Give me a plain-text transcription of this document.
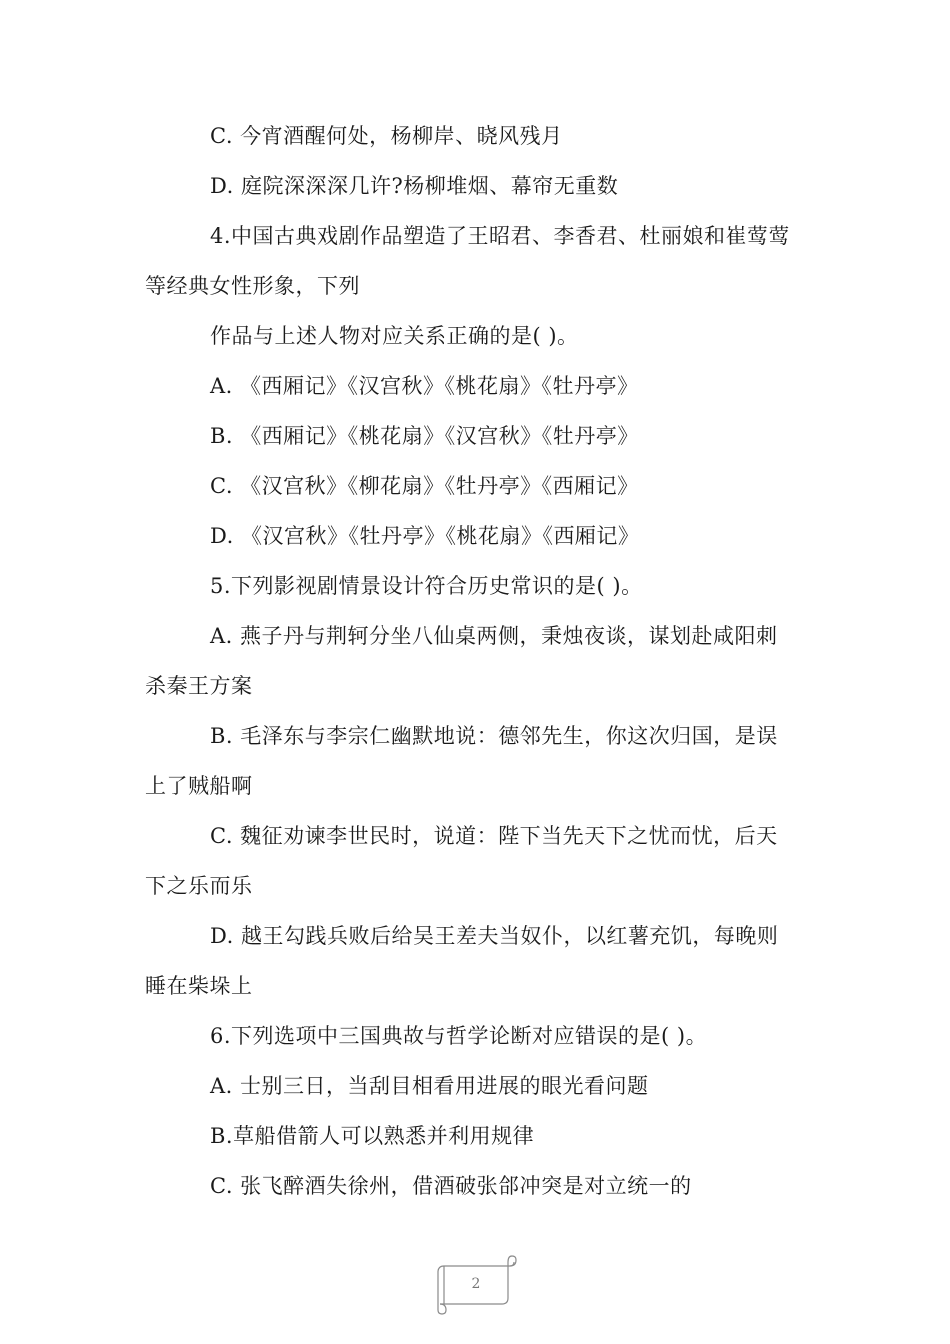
C. 今宵酒醒何处，杨柳岸、晓风残月
D. 庭院深深深几许?杨柳堆烟、幕帘无重数
4.中国古典戏剧作品塑造了王昭君、李香君、杜丽娘和崔莺莺
等经典女性形象，下列
作品与上述人物对应关系正确的是( )。
A. 《西厢记》《汉宫秋》《桃花扇》《牡丹亭》
B. 《西厢记》《桃花扇》《汉宫秋》《牡丹亭》
C. 《汉宫秋》《柳花扇》《牡丹亭》《西厢记》
D. 《汉宫秋》《牡丹亭》《桃花扇》《西厢记》
5.下列影视剧情景设计符合历史常识的是( )。
A. 燕子丹与荆轲分坐八仙桌两侧，秉烛夜谈，谋划赴咸阳刺
杀秦王方案
B. 毛泽东与李宗仁幽默地说：德邻先生，你这次归国，是误
上了贼船啊
C. 魏征劝谏李世民时，说道：陛下当先天下之忧而忧，后天
下之乐而乐
D. 越王勾践兵败后给吴王差夫当奴仆，以红薯充饥，每晚则
睡在柴垛上
6.下列选项中三国典故与哲学论断对应错误的是( )。
A. 士别三日，当刮目相看用进展的眼光看问题
B.草船借箭人可以熟悉并利用规律
C. 张飞醉酒失徐州，借酒破张郃冲突是对立统一的
2
